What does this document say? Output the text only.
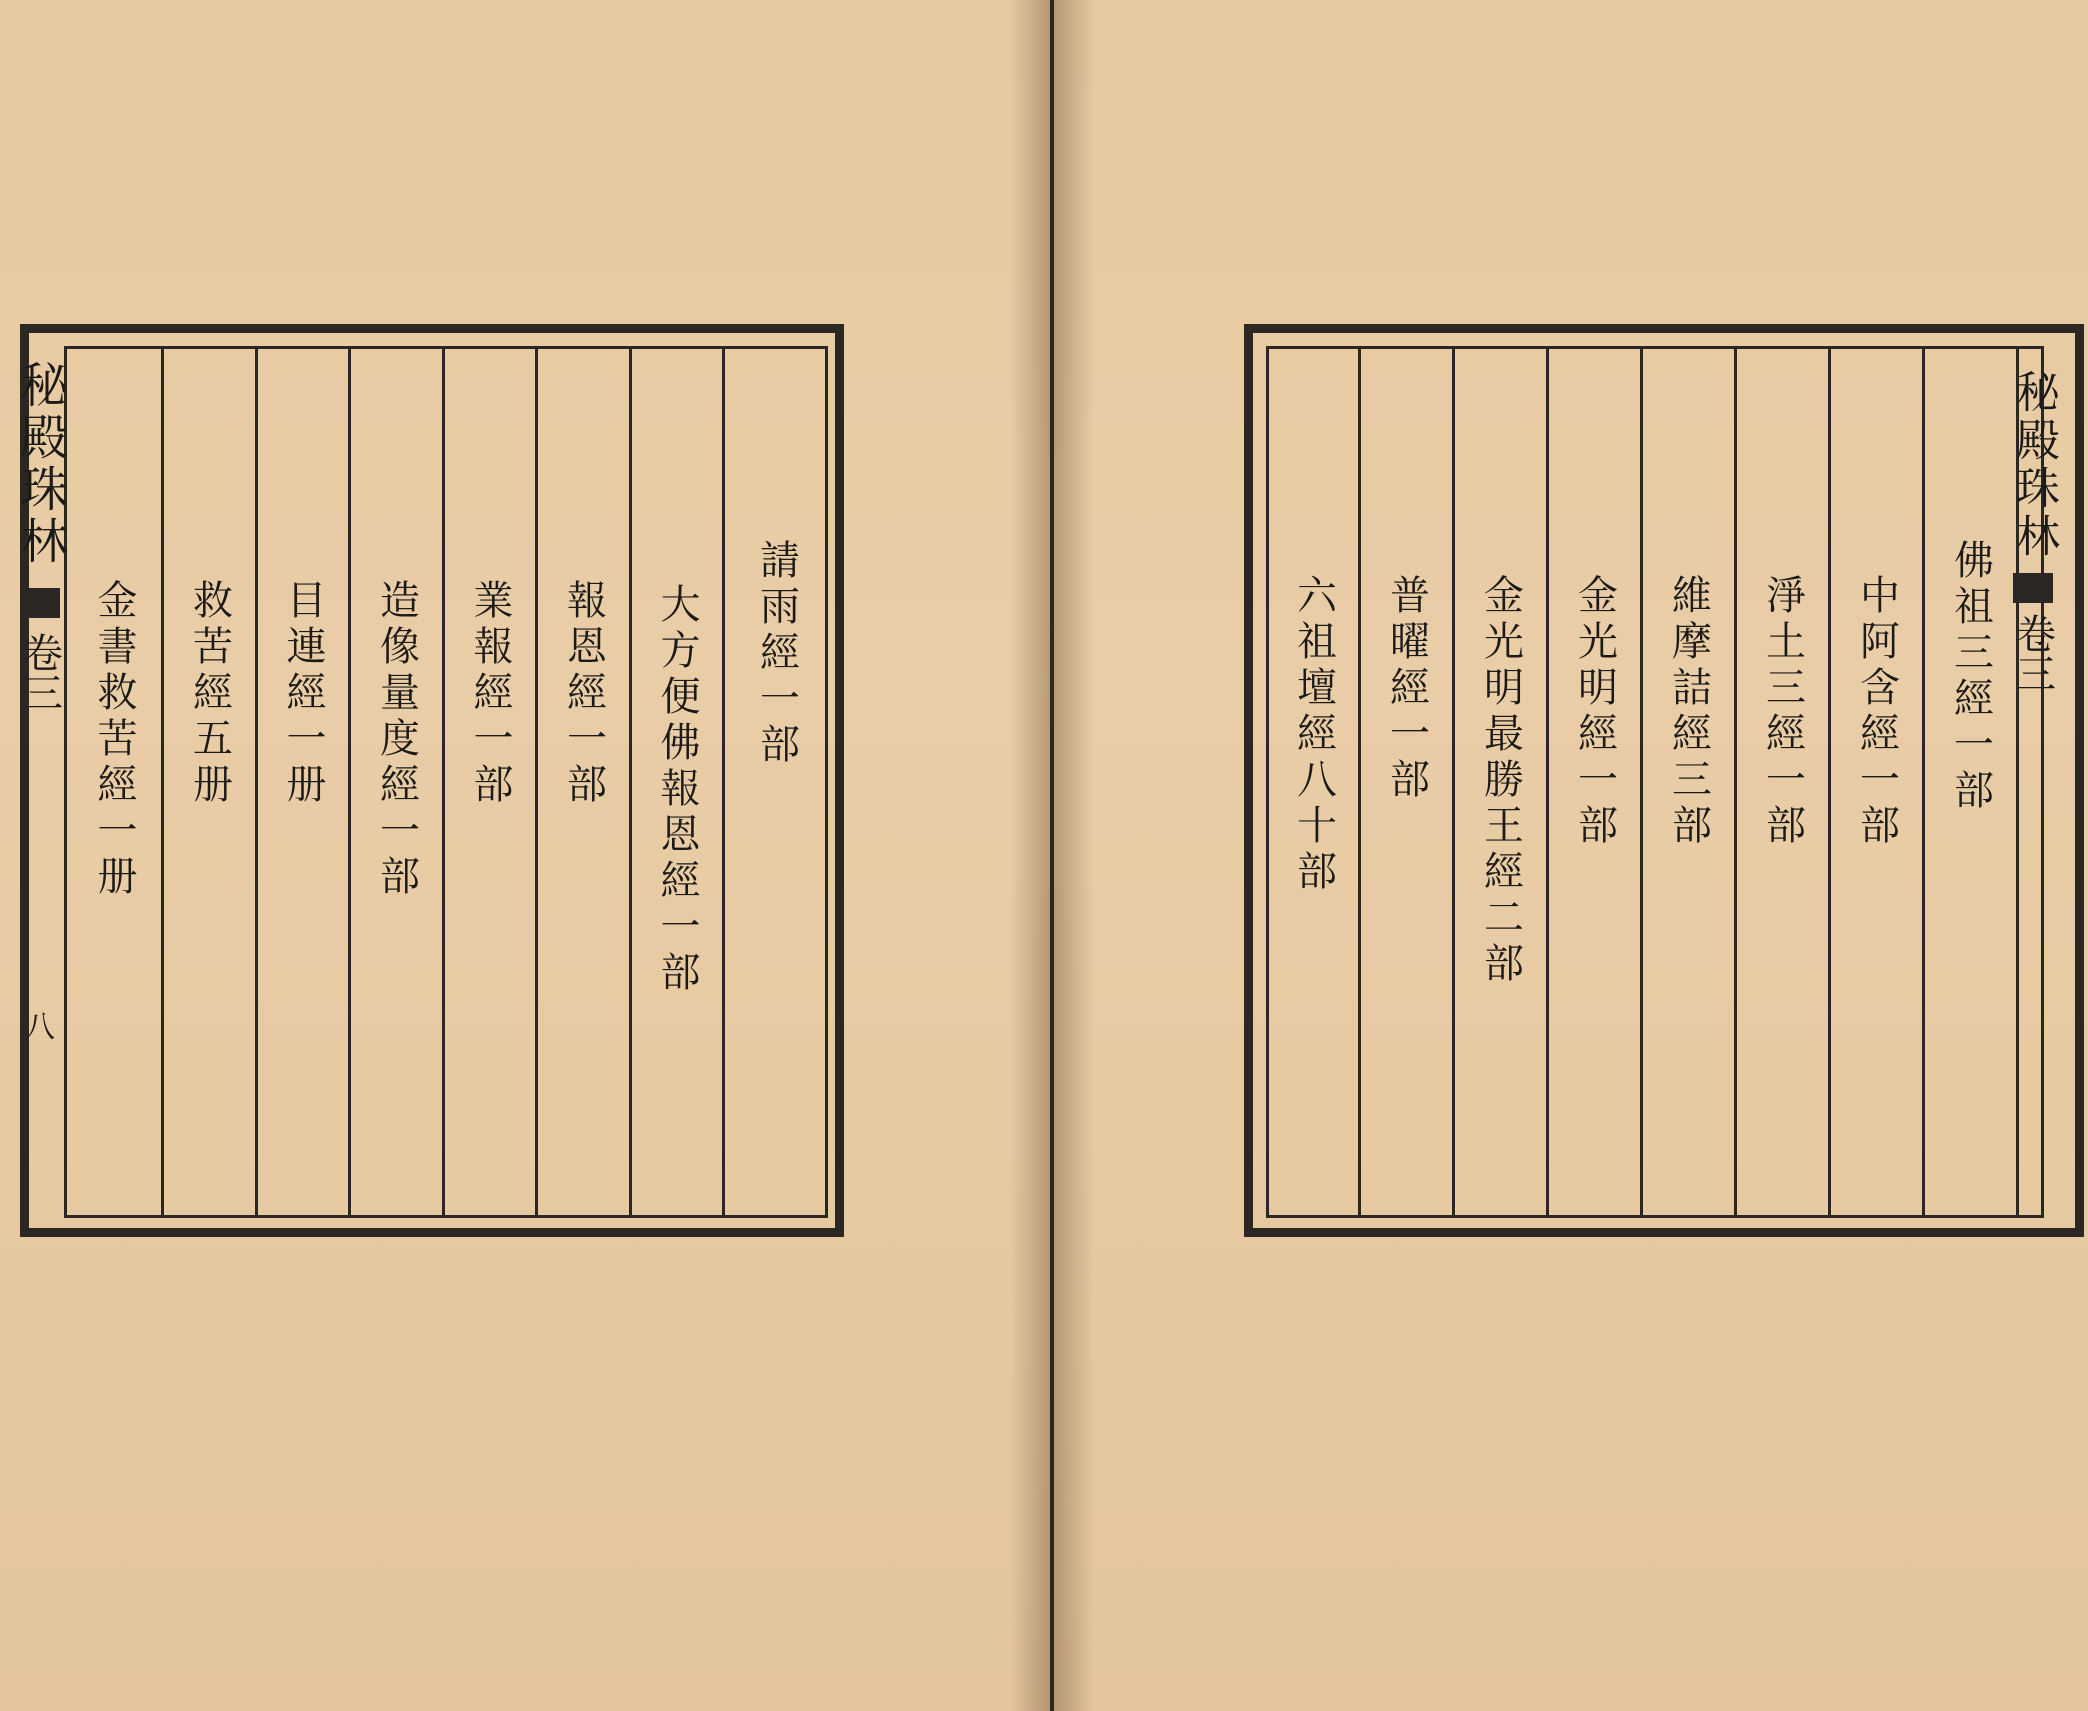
請雨經一部
大方便佛報恩經一部
報恩經一部
業報經一部
造像量度經一部
目連經一册
救苦經五册
金書救苦經一册
秘殿珠林
卷三
八
佛祖三經一部
中阿含經一部
淨土三經一部
維摩詰經三部
金光明經一部
金光明最勝王經二部
普曜經一部
六祖壇經八十部
秘殿珠林
卷三
